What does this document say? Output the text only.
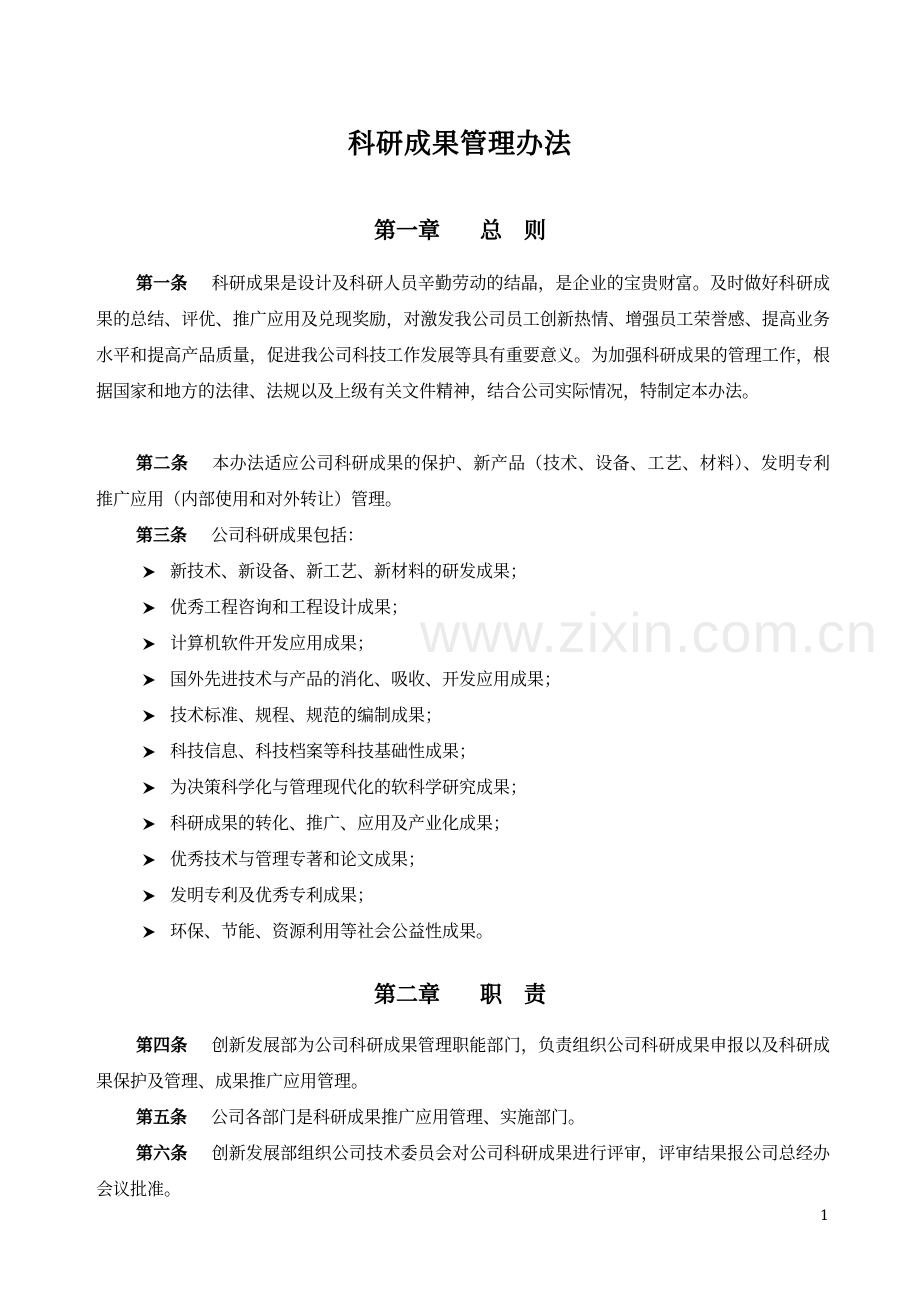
科研成果管理办法
第一章 总 则
第一条 科研成果是设计及科研人员辛勤劳动的结晶，是企业的宝贵财富。及时做好科研成果的总结、评优、推广应用及兑现奖励，对激发我公司员工创新热情、增强员工荣誉感、提高业务水平和提高产品质量，促进我公司科技工作发展等具有重要意义。为加强科研成果的管理工作，根据国家和地方的法律、法规以及上级有关文件精神，结合公司实际情况，特制定本办法。
第二条 本办法适应公司科研成果的保护、新产品（技术、设备、工艺、材料）、发明专利推广应用（内部使用和对外转让）管理。
第三条 公司科研成果包括：
新技术、新设备、新工艺、新材料的研发成果；
优秀工程咨询和工程设计成果；
计算机软件开发应用成果；
国外先进技术与产品的消化、吸收、开发应用成果；
技术标准、规程、规范的编制成果；
科技信息、科技档案等科技基础性成果；
为决策科学化与管理现代化的软科学研究成果；
科研成果的转化、推广、应用及产业化成果；
优秀技术与管理专著和论文成果；
发明专利及优秀专利成果；
环保、节能、资源利用等社会公益性成果。
第二章 职 责
第四条 创新发展部为公司科研成果管理职能部门，负责组织公司科研成果申报以及科研成果保护及管理、成果推广应用管理。
第五条 公司各部门是科研成果推广应用管理、实施部门。
第六条 创新发展部组织公司技术委员会对公司科研成果进行评审，评审结果报公司总经办会议批准。
www.zixin.com.cn
1
